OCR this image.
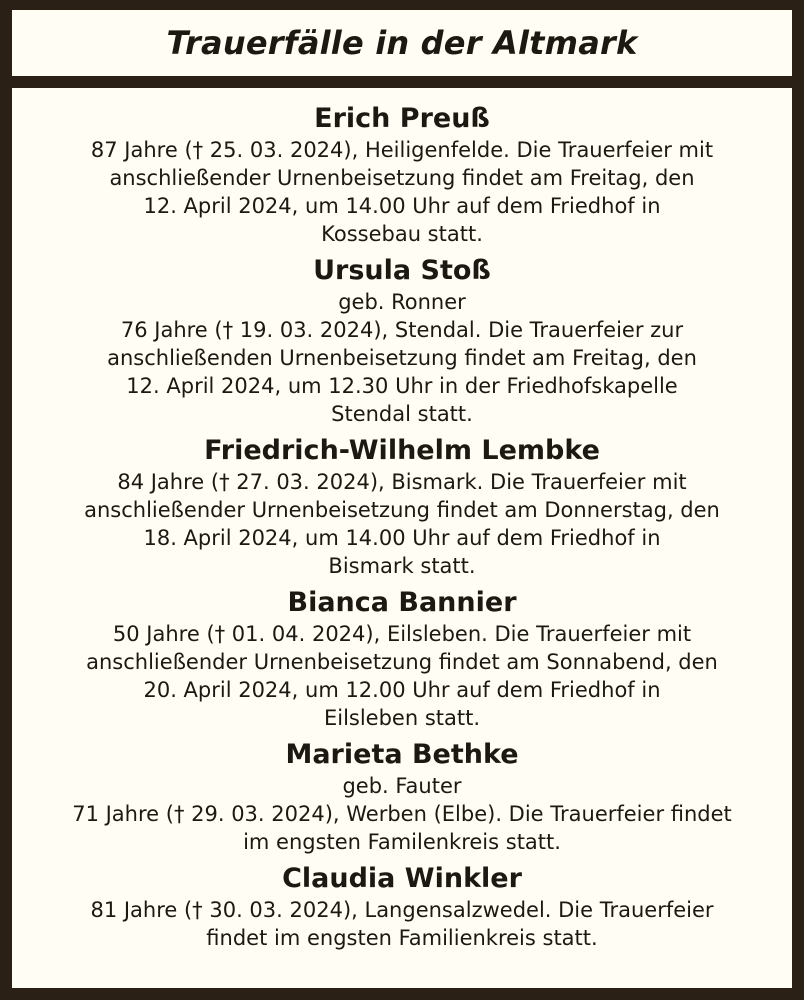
Trauerfälle in der Altmark

Erich Preuß

87 Jahre († 25. 03. 2024), Heiligenfelde. Die Trauerfeier mit

anschließender Urnenbeisetzung findet am Freitag, den

12. April 2024, um 14.00 Uhr auf dem Friedhof in

Kossebau statt.

Ursula Stoß

geb. Ronner

76 Jahre († 19. 03. 2024), Stendal. Die Trauerfeier zur

anschließenden Urnenbeisetzung findet am Freitag, den

12. April 2024, um 12.30 Uhr in der Friedhofskapelle

Stendal statt.

Friedrich-Wilhelm Lembke

84 Jahre († 27. 03. 2024), Bismark. Die Trauerfeier mit

anschließender Urnenbeisetzung findet am Donnerstag, den

18. April 2024, um 14.00 Uhr auf dem Friedhof in

Bismark statt.

Bianca Bannier

50 Jahre († 01. 04. 2024), Eilsleben. Die Trauerfeier mit

anschließender Urnenbeisetzung findet am Sonnabend, den

20. April 2024, um 12.00 Uhr auf dem Friedhof in

Eilsleben statt.

Marieta Bethke

geb. Fauter

71 Jahre († 29. 03. 2024), Werben (Elbe). Die Trauerfeier findet

im engsten Familenkreis statt.

Claudia Winkler

81 Jahre († 30. 03. 2024), Langensalzwedel. Die Trauerfeier

findet im engsten Familienkreis statt.
